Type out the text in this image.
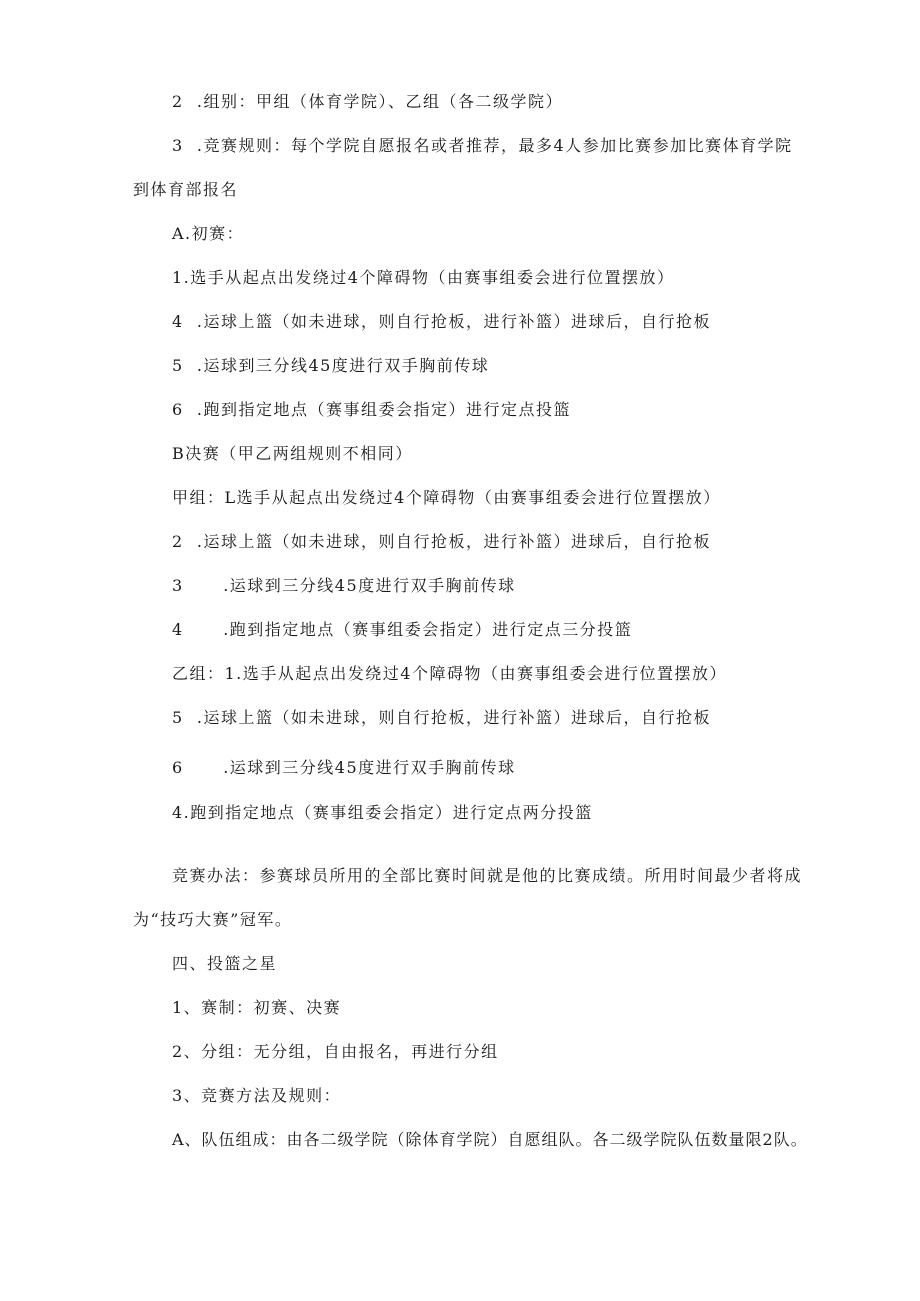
2  .组别：甲组（体育学院）、乙组（各二级学院）
3  .竞赛规则：每个学院自愿报名或者推荐，最多4人参加比赛参加比赛体育学院
到体育部报名
A.初赛：
1.选手从起点出发绕过4个障碍物（由赛事组委会进行位置摆放）
4  .运球上篮（如未进球，则自行抢板，进行补篮）进球后，自行抢板
5  .运球到三分线45度进行双手胸前传球
6  .跑到指定地点（赛事组委会指定）进行定点投篮
B决赛（甲乙两组规则不相同）
甲组：L选手从起点出发绕过4个障碍物（由赛事组委会进行位置摆放）
2  .运球上篮（如未进球，则自行抢板，进行补篮）进球后，自行抢板
3      .运球到三分线45度进行双手胸前传球
4      .跑到指定地点（赛事组委会指定）进行定点三分投篮
乙组：1.选手从起点出发绕过4个障碍物（由赛事组委会进行位置摆放）
5  .运球上篮（如未进球，则自行抢板，进行补篮）进球后，自行抢板
6      .运球到三分线45度进行双手胸前传球
4.跑到指定地点（赛事组委会指定）进行定点两分投篮
竞赛办法：参赛球员所用的全部比赛时间就是他的比赛成绩。所用时间最少者将成
为“技巧大赛”冠军。
四、投篮之星
1、赛制：初赛、决赛
2、分组：无分组，自由报名，再进行分组
3、竞赛方法及规则：
A、队伍组成：由各二级学院（除体育学院）自愿组队。各二级学院队伍数量限2队。
